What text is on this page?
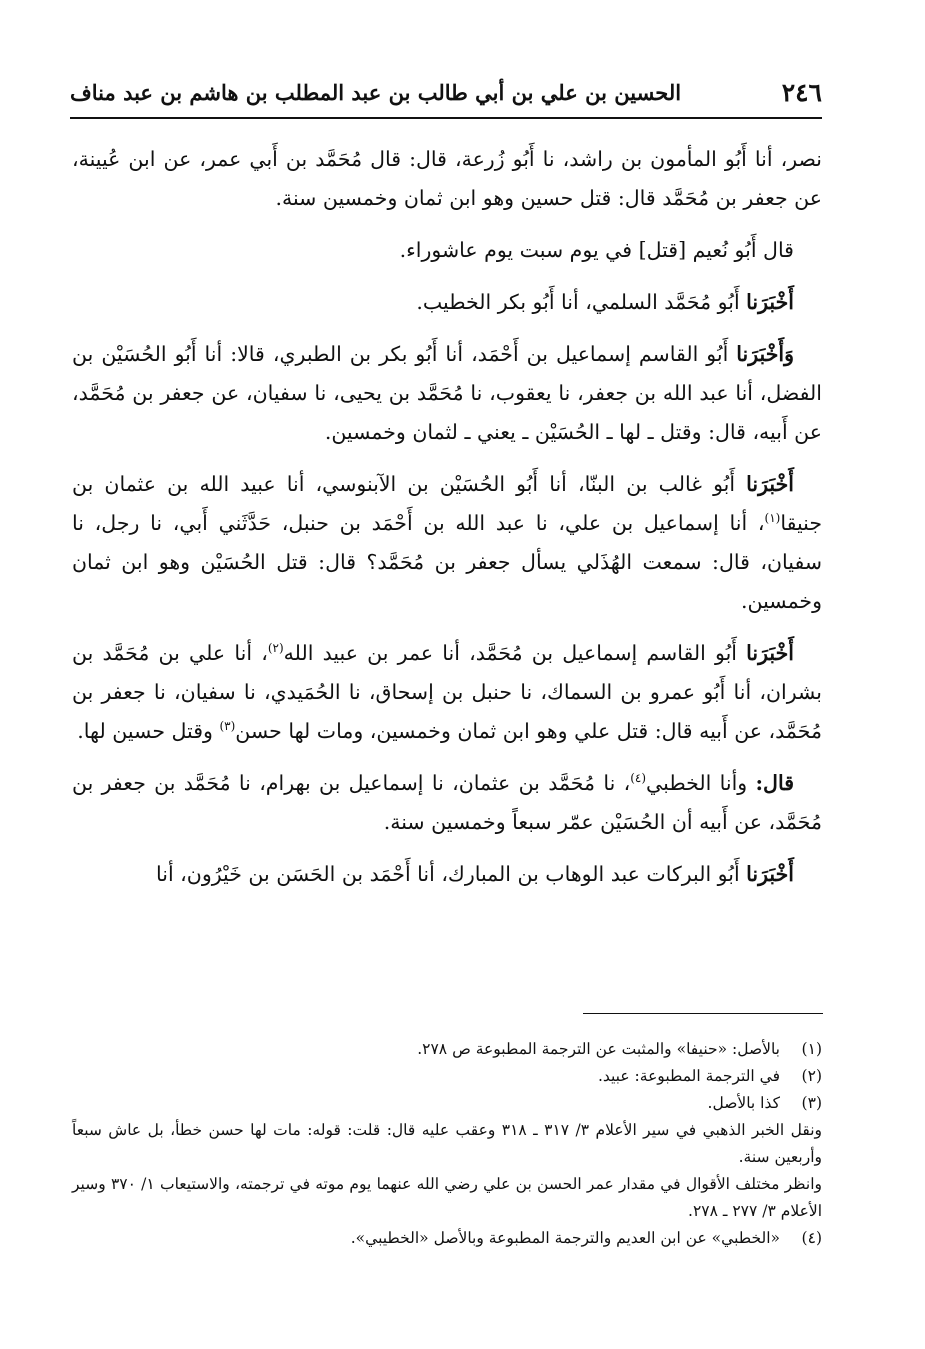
٢٤٦
الحسين بن علي بن أبي طالب بن عبد المطلب بن هاشم بن عبد مناف

نصر، أنا أَبُو المأمون بن راشد، نا أَبُو زُرعة، قال: قال مُحَمَّد بن أَبي عمر، عن ابن عُيينة، عن جعفر بن مُحَمَّد قال: قتل حسين وهو ابن ثمان وخمسين سنة.

قال أَبُو نُعيم [قتل] في يوم سبت يوم عاشوراء.

أَخْبَرَنا أَبُو مُحَمَّد السلمي، أنا أَبُو بكر الخطيب.

وَأَخْبَرَنا أَبُو القاسم إسماعيل بن أَحْمَد، أنا أَبُو بكر بن الطبري، قالا: أنا أَبُو الحُسَيْن بن الفضل، أنا عبد الله بن جعفر، نا يعقوب، نا مُحَمَّد بن يحيى، نا سفيان، عن جعفر بن مُحَمَّد، عن أَبيه، قال: وقتل ـ لها ـ الحُسَيْن ـ يعني ـ لثمان وخمسين.

أَخْبَرَنا أَبُو غالب بن البنّا، أنا أَبُو الحُسَيْن بن الآبنوسي، أنا عبيد الله بن عثمان بن جنيقا$^{(١)}$، أنا إسماعيل بن علي، نا عبد الله بن أَحْمَد بن حنبل، حَدَّثَني أَبي، نا رجل، نا سفيان، قال: سمعت الهُذَلي يسأل جعفر بن مُحَمَّد؟ قال: قتل الحُسَيْن وهو ابن ثمان وخمسين.

أَخْبَرَنا أَبُو القاسم إسماعيل بن مُحَمَّد، أنا عمر بن عبيد الله$^{(٢)}$، أنا علي بن مُحَمَّد بن بشران، أنا أَبُو عمرو بن السماك، نا حنبل بن إسحاق، نا الحُمَيدي، نا سفيان، نا جعفر بن مُحَمَّد، عن أَبيه قال: قتل علي وهو ابن ثمان وخمسين، ومات لها حسن$^{(٣)}$ وقتل حسين لها.

قال: وأنا الخطبي$^{(٤)}$، نا مُحَمَّد بن عثمان، نا إسماعيل بن بهرام، نا مُحَمَّد بن جعفر بن مُحَمَّد، عن أَبيه أن الحُسَيْن عمّر سبعاً وخمسين سنة.

أَخْبَرَنا أَبُو البركات عبد الوهاب بن المبارك، أنا أَحْمَد بن الحَسَن بن خَيْرُون، أنا

(١)
بالأصل: «حنيفا» والمثبت عن الترجمة المطبوعة ص ٢٧٨.
(٢)
في الترجمة المطبوعة: عبيد.
(٣)
كذا بالأصل.
ونقل الخبر الذهبي في سير الأعلام ٣/ ٣١٧ ـ ٣١٨ وعقب عليه قال: قلت: قوله: مات لها حسن خطأ، بل عاش سبعاً وأربعين سنة.
وانظر مختلف الأقوال في مقدار عمر الحسن بن علي رضي الله عنهما يوم موته في ترجمته، والاستيعاب ١/ ٣٧٠ وسير الأعلام ٣/ ٢٧٧ ـ ٢٧٨.
(٤)
«الخطبي» عن ابن العديم والترجمة المطبوعة وبالأصل «الخطيبي».
